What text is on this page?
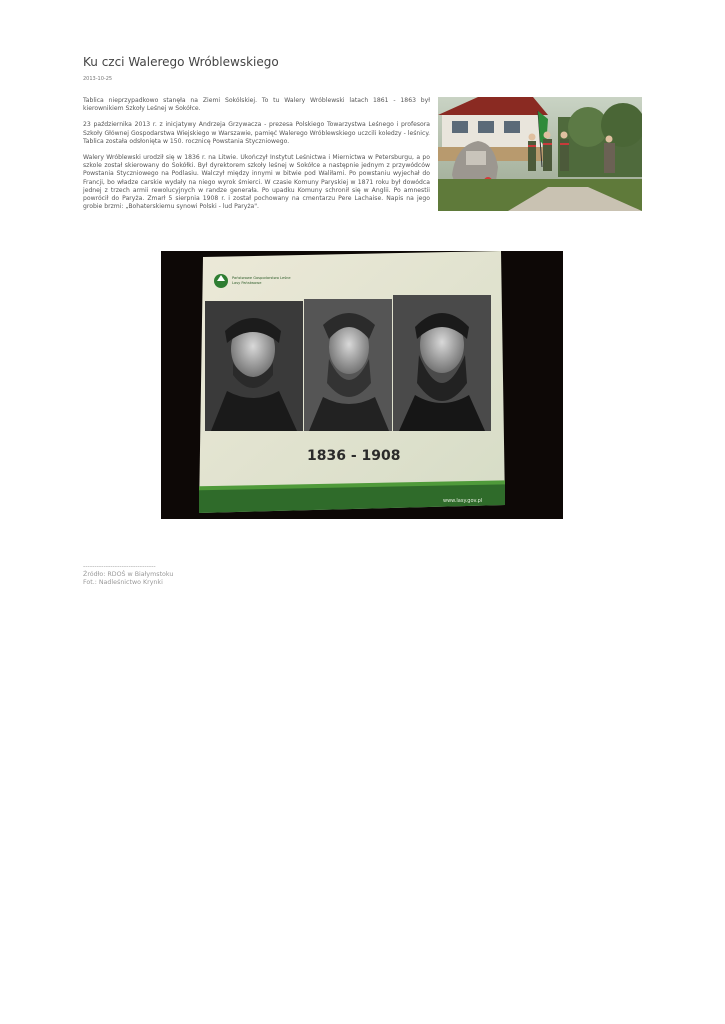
Ku czci Walerego Wróblewskiego
2013-10-25

Tablica nieprzypadkowo stanęła na Ziemi Sokólskiej. To tu Walery Wróblewski latach 1861 - 1863 był kierownikiem Szkoły Leśnej w Sokółce.

23 października 2013 r. z inicjatywy Andrzeja Grzywacza - prezesa Polskiego Towarzystwa Leśnego i profesora Szkoły Głównej Gospodarstwa Wiejskiego w Warszawie, pamięć Walerego Wróblewskiego uczcili koledzy - leśnicy. Tablica została odsłonięta w 150. rocznicę Powstania Styczniowego.

Walery Wróblewski urodził się w 1836 r. na Litwie. Ukończył Instytut Leśnictwa i Miernictwa w Petersburgu, a po szkole został skierowany do Sokółki. Był dyrektorem szkoły leśnej w Sokółce a następnie jednym z przywódców Powstania Styczniowego na Podlasiu. Walczył między innymi w bitwie pod Waliłami. Po powstaniu wyjechał do Francji, bo władze carskie wydały na niego wyrok śmierci. W czasie Komuny Paryskiej w 1871 roku był dowódca jednej z trzech armii rewolucyjnych w randze generała. Po upadku Komuny schronił się w Anglii. Po amnestii powrócił do Paryża. Zmarł 5 sierpnia 1908 r. i został pochowany na cmentarzu Pere Lachaise. Napis na jego grobie brzmi: „Bohaterskiemu synowi Polski - lud Paryża".

Państwowe Gospodarstwo Leśne
Lasy Państwowe
1836 - 1908
www.lasy.gov.pl
--------------------------------
Źródło: RDOŚ w Białymstoku
Fot.: Nadleśnictwo Krynki
